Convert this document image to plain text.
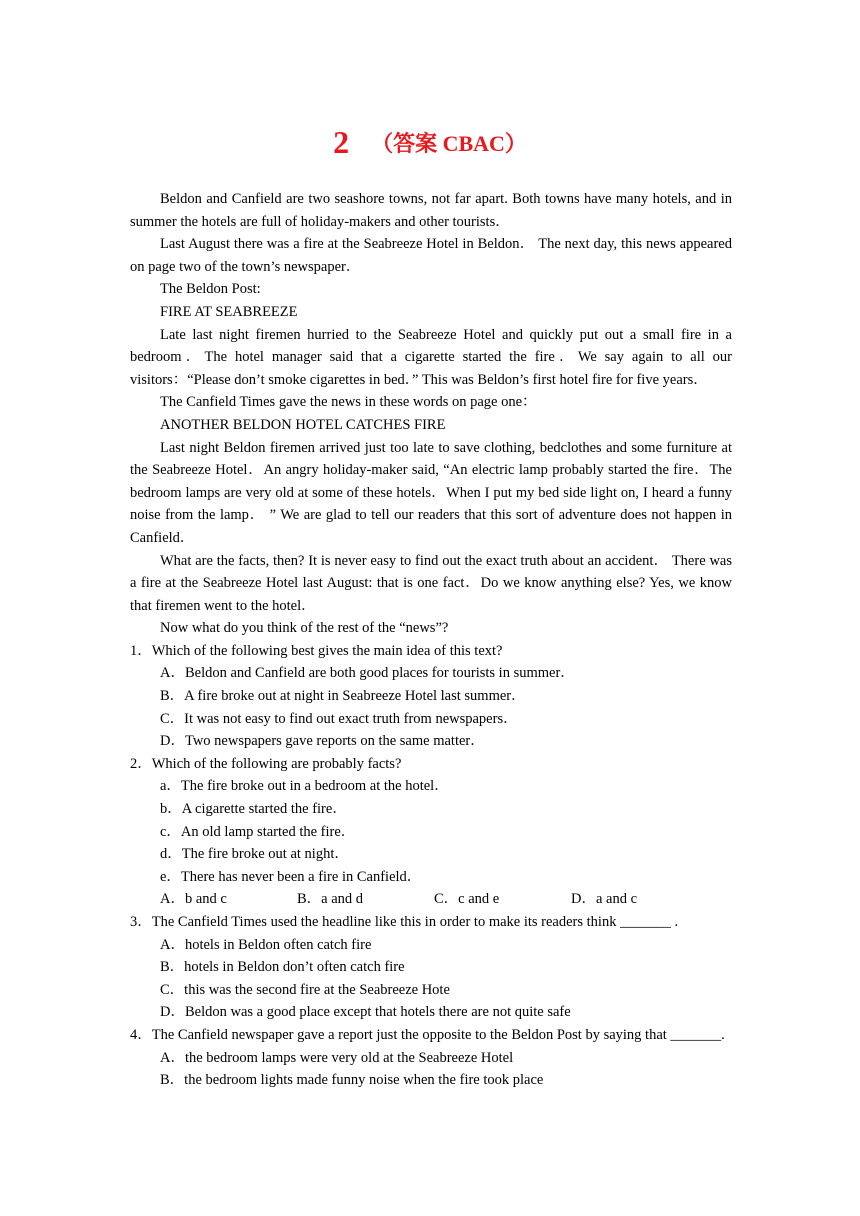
2 （答案 CBAC）

Beldon and Canfield are two seashore towns, not far apart. Both towns have many hotels, and in summer the hotels are full of holiday-makers and other tourists．

Last August there was a fire at the Seabreeze Hotel in Beldon． The next day, this news appeared on page two of the town’s newspaper．

The Beldon Post:

FIRE AT SEABREEZE

Late last night firemen hurried to the Seabreeze Hotel and quickly put out a small fire in a bedroom．The hotel manager said that a cigarette started the fire．We say again to all our visitors：“Please don’t smoke cigarettes in bed．” This was Beldon’s first hotel fire for five years．

The Canfield Times gave the news in these words on page one：

ANOTHER BELDON HOTEL CATCHES FIRE

Last night Beldon firemen arrived just too late to save clothing, bedclothes and some furniture at the Seabreeze Hotel．An angry holiday-maker said, “An electric lamp probably started the fire．The bedroom lamps are very old at some of these hotels．When I put my bed side light on, I heard a funny noise from the lamp． ” We are glad to tell our readers that this sort of adventure does not happen in Canfield．

What are the facts, then? It is never easy to find out the exact truth about an accident． There was a fire at the Seabreeze Hotel last August: that is one fact．Do we know anything else? Yes, we know that firemen went to the hotel．

Now what do you think of the rest of the “news”?

1．Which of the following best gives the main idea of this text?

A．Beldon and Canfield are both good places for tourists in summer．

B．A fire broke out at night in Seabreeze Hotel last summer．

C．It was not easy to find out exact truth from newspapers．

D．Two newspapers gave reports on the same matter．

2．Which of the following are probably facts?

a．The fire broke out in a bedroom at the hotel．

b．A cigarette started the fire．

c．An old lamp started the fire．

d．The fire broke out at night．

e．There has never been a fire in Canfield．

A．b and c	B．a and d	C．c and e	D．a and c

3．The Canfield Times used the headline like this in order to make its readers think _______ .

A．hotels in Beldon often catch fire

B．hotels in Beldon don’t often catch fire

C．this was the second fire at the Seabreeze Hote

D．Beldon was a good place except that hotels there are not quite safe

4．The Canfield newspaper gave a report just the opposite to the Beldon Post by saying that _______.

A．the bedroom lamps were very old at the Seabreeze Hotel

B．the bedroom lights made funny noise when the fire took place
